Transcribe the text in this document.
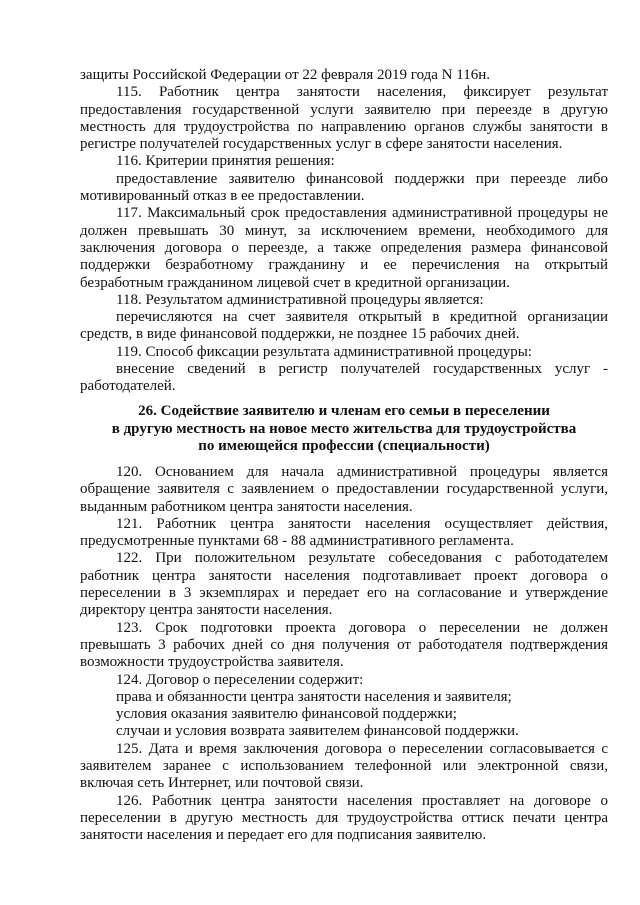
защиты Российской Федерации от 22 февраля 2019 года N 116н.

115. Работник центра занятости населения, фиксирует результат предоставления государственной услуги заявителю при переезде в другую местность для трудоустройства по направлению органов службы занятости в регистре получателей государственных услуг в сфере занятости населения.

116. Критерии принятия решения:

предоставление заявителю финансовой поддержки при переезде либо мотивированный отказ в ее предоставлении.

117. Максимальный срок предоставления административной процедуры не должен превышать 30 минут, за исключением времени, необходимого для заключения договора о переезде, а также определения размера финансовой поддержки безработному гражданину и ее перечисления на открытый безработным гражданином лицевой счет в кредитной организации.

118. Результатом административной процедуры является:

перечисляются на счет заявителя открытый в кредитной организации средств, в виде финансовой поддержки, не позднее 15 рабочих дней.

119. Способ фиксации результата административной процедуры:

внесение сведений в регистр получателей государственных услуг - работодателей.

26. Содействие заявителю и членам его семьи в переселении
в другую местность на новое место жительства для трудоустройства
по имеющейся профессии (специальности)

120. Основанием для начала административной процедуры является обращение заявителя с заявлением о предоставлении государственной услуги, выданным работником центра занятости населения.

121. Работник центра занятости населения осуществляет действия, предусмотренные пунктами 68 - 88 административного регламента.

122. При положительном результате собеседования с работодателем работник центра занятости населения подготавливает проект договора о переселении в 3 экземплярах и передает его на согласование и утверждение директору центра занятости населения.

123. Срок подготовки проекта договора о переселении не должен превышать 3 рабочих дней со дня получения от работодателя подтверждения возможности трудоустройства заявителя.

124. Договор о переселении содержит:

права и обязанности центра занятости населения и заявителя;

условия оказания заявителю финансовой поддержки;

случаи и условия возврата заявителем финансовой поддержки.

125. Дата и время заключения договора о переселении согласовывается с заявителем заранее с использованием телефонной или электронной связи, включая сеть Интернет, или почтовой связи.

126. Работник центра занятости населения проставляет на договоре о переселении в другую местность для трудоустройства оттиск печати центра занятости населения и передает его для подписания заявителю.
